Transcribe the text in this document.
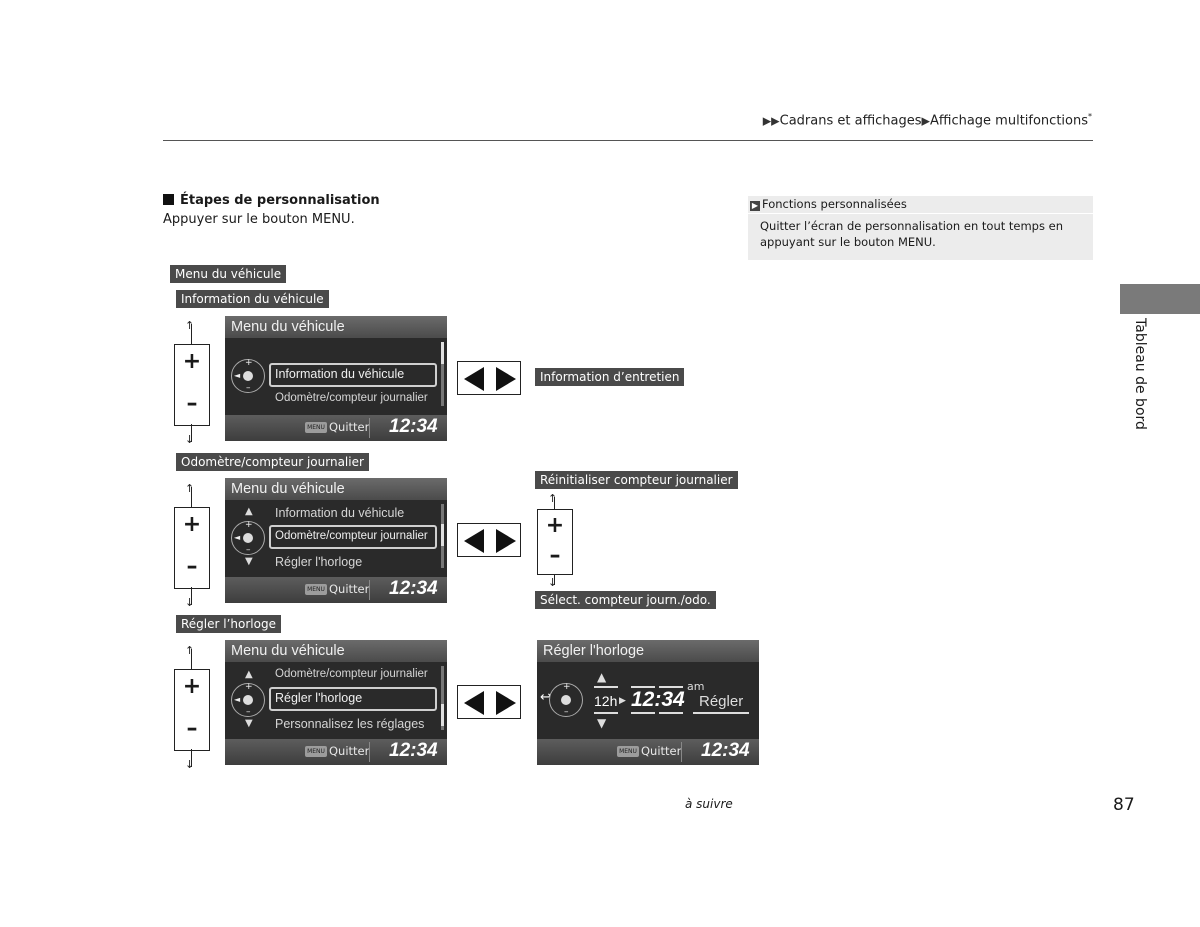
▶▶Cadrans et affichages▶Affichage multifonctions*
Étapes de personnalisation
Appuyer sur le bouton MENU.
▶ Fonctions personnalisées
Quitter l’écran de personnalisation en tout temps en appuyant sur le bouton MENU.
Tableau de bord
Menu du véhicule
Information du véhicule
↑
+
–
↓
Menu du véhicule
+
◄
–
Information du véhicule
Odomètre/compteur journalier
MENU Quitter 12:34
Information d’entretien
Odomètre/compteur journalier
↑
+
–
↓
Menu du véhicule
▲ Information du véhicule
+
◄
–
Odomètre/compteur journalier
▼ Régler l'horloge
MENU Quitter 12:34
Réinitialiser compteur journalier
↑
+
–
↓
Sélect. compteur journ./odo.
Régler l’horloge
↑
+
–
↓
Menu du véhicule
▲ Odomètre/compteur journalier
+
◄
–
Régler l'horloge
▼ Personnalisez les réglages
MENU Quitter 12:34
Régler l'horloge
↩
+
–
▲
12h ▶
▼
12:34
am
Régler
MENU Quitter 12:34
à suivre	87
